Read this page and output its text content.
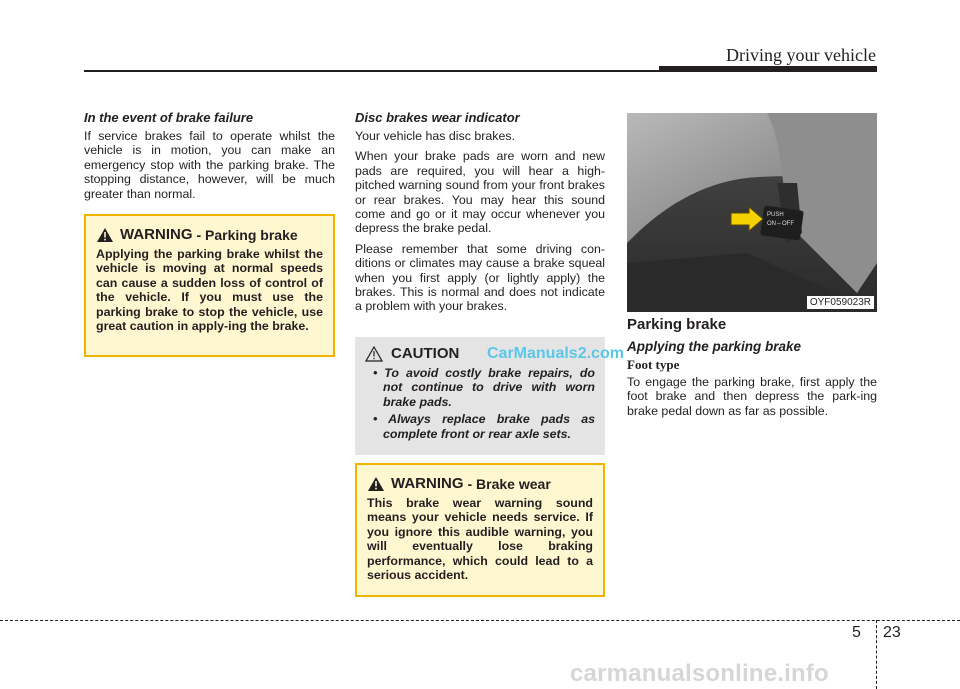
Driving your vehicle

In the event of brake failure

If service brakes fail to operate whilst the vehicle is in motion, you can make an emergency stop with the parking brake. The stopping distance, however, will be much greater than normal.

WARNING - Parking brake
Applying the parking brake whilst the vehicle is moving at normal speeds can cause a sudden loss of control of the vehicle. If you must use the parking brake to stop the vehicle, use great caution in apply-ing the brake.

Disc brakes wear indicator

Your vehicle has disc brakes.

When your brake pads are worn and new pads are required, you will hear a high-pitched warning sound from your front brakes or rear brakes. You may hear this sound come and go or it may occur whenever you depress the brake pedal.

Please remember that some driving con-ditions or climates may cause a brake squeal when you first apply (or lightly apply) the brakes. This is normal and does not indicate a problem with your brakes.

CAUTION

• To avoid costly brake repairs, do not continue to drive with worn brake pads.

• Always replace brake pads as complete front or rear axle sets.

CarManuals2.com
WARNING - Brake wear
This brake wear warning sound means your vehicle needs service. If you ignore this audible warning, you will eventually lose braking performance, which could lead to a serious accident.
PUSH
ON⇔OFF
OYF059023R

Parking brake

Applying the parking brake

Foot type

To engage the parking brake, first apply the foot brake and then depress the park-ing brake pedal down as far as possible.

5 23
carmanualsonline.info
